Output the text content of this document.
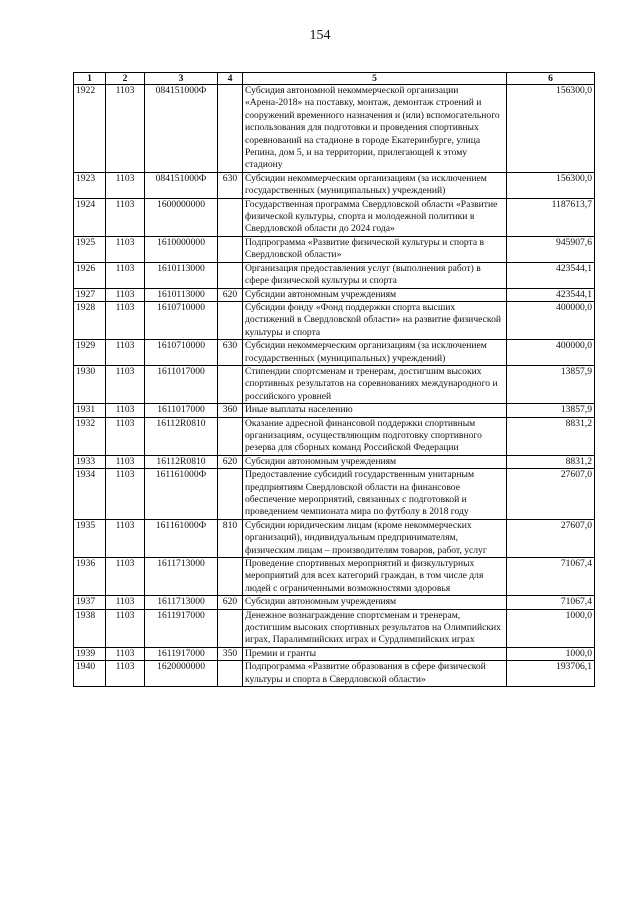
154
1	2	3	4	5	6
1922	1103	084151000Ф		Субсидия автономной некоммерческой организации «Арена-2018» на поставку, монтаж, демонтаж строений и сооружений временного назначения и (или) вспомогательного использования для подготовки и проведения спортивных соревнований на стадионе в городе Екатеринбурге, улица Репина, дом 5, и на территории, прилегающей к этому стадиону	156300,0
1923	1103	084151000Ф	630	Субсидии некоммерческим организациям (за исключением государственных (муниципальных) учреждений)	156300,0
1924	1103	1600000000		Государственная программа Свердловской области «Развитие физической культуры, спорта и молодежной политики в Свердловской области до 2024 года»	1187613,7
1925	1103	1610000000		Подпрограмма «Развитие физической культуры и спорта в Свердловской области»	945907,6
1926	1103	1610113000		Организация предоставления услуг (выполнения работ) в сфере физической культуры и спорта	423544,1
1927	1103	1610113000	620	Субсидии автономным учреждениям	423544,1
1928	1103	1610710000		Субсидии фонду «Фонд поддержки спорта высших достижений в Свердловской области» на развитие физической культуры и спорта	400000,0
1929	1103	1610710000	630	Субсидии некоммерческим организациям (за исключением государственных (муниципальных) учреждений)	400000,0
1930	1103	1611017000		Стипендии спортсменам и тренерам, достигшим высоких спортивных результатов на соревнованиях международного и российского уровней	13857,9
1931	1103	1611017000	360	Иные выплаты населению	13857,9
1932	1103	16112R0810		Оказание адресной финансовой поддержки спортивным организациям, осуществляющим подготовку спортивного резерва для сборных команд Российской Федерации	8831,2
1933	1103	16112R0810	620	Субсидии автономным учреждениям	8831,2
1934	1103	161161000Ф		Предоставление субсидий государственным унитарным предприятиям Свердловской области на финансовое обеспечение мероприятий, связанных с подготовкой и проведением чемпионата мира по футболу в 2018 году	27607,0
1935	1103	161161000Ф	810	Субсидии юридическим лицам (кроме некоммерческих организаций), индивидуальным предпринимателям, физическим лицам – производителям товаров, работ, услуг	27607,0
1936	1103	1611713000		Проведение спортивных мероприятий и физкультурных мероприятий для всех категорий граждан, в том числе для людей с ограниченными возможностями здоровья	71067,4
1937	1103	1611713000	620	Субсидии автономным учреждениям	71067,4
1938	1103	1611917000		Денежное вознаграждение спортсменам и тренерам, достигшим высоких спортивных результатов на Олимпийских играх, Паралимпийских играх и Сурдлимпийских играх	1000,0
1939	1103	1611917000	350	Премии и гранты	1000,0
1940	1103	1620000000		Подпрограмма «Развитие образования в сфере физической культуры и спорта в Свердловской области»	193706,1
